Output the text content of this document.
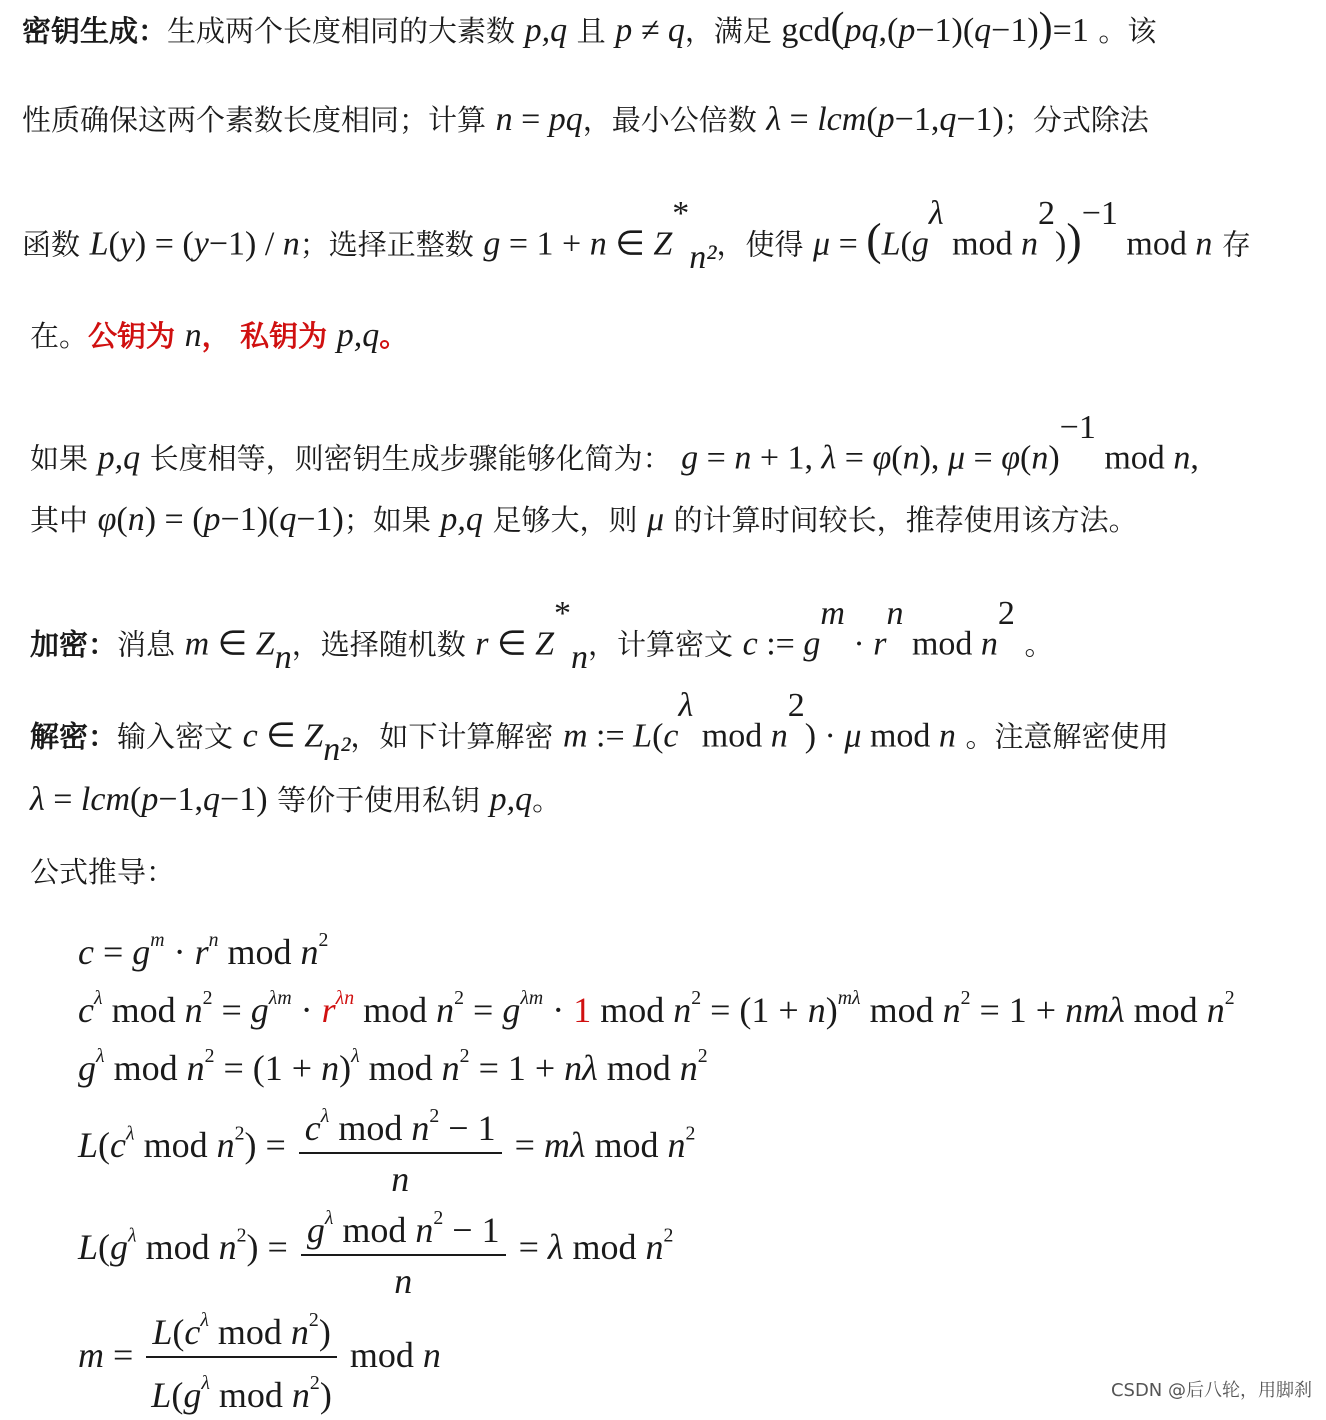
密钥生成：生成两个长度相同的大素数 p,q 且 p ≠ q，满足 gcd(pq,(p−1)(q−1))=1 。该
性质确保这两个素数长度相同；计算 n = pq，最小公倍数 λ = lcm(p−1,q−1)；分式除法
函数 L(y) = (y−1) / n；选择正整数 g = 1 + n ∈ $Z^*_{n^2}$，使得 $\mu = (L(g^\lambda$ mod $n^2))^{-1}$ mod n 存
在。公钥为 n， 私钥为 p,q。
如果 p,q 长度相等，则密钥生成步骤能够化简为： g = n + 1, λ = φ(n), $\mu = \varphi(n)^{-1}$ mod n,
其中 φ(n) = (p−1)(q−1)；如果 p,q 足够大，则 μ 的计算时间较长，推荐使用该方法。
加密：消息 m ∈ $Z_n$，选择随机数 r ∈ $Z^*_n$，计算密文 c := $g^m \cdot r^n$ mod $n^2$ 。
解密：输入密文 c ∈ $Z_{n^2}$，如下计算解密 m := $L(c^\lambda$ mod $n^2) \cdot \mu$ mod n 。注意解密使用
λ = lcm(p−1,q−1) 等价于使用私钥 p,q。
公式推导：
$c = g^m \cdot r^n$ mod $n^2$
$c^\lambda$ mod $n^2 = g^{\lambda m} \cdot r^{\lambda n}$ mod $n^2 = g^{\lambda m} \cdot 1$ mod $n^2 = (1 + n)^{m\lambda}$ mod $n^2 = 1 + nm\lambda$ mod $n^2$
$g^\lambda$ mod $n^2 = (1 + n)^\lambda$ mod $n^2 = 1 + n\lambda$ mod $n^2$
$L(c^\lambda$ mod $n^2) = \frac{c^\lambda mod n^2 - 1}{n} = m\lambda$ mod $n^2$
$L(g^\lambda$ mod $n^2) = \frac{g^\lambda mod n^2 - 1}{n} = \lambda$ mod $n^2$
$m = \frac{L(c^\lambda mod n^2)}{L(g^\lambda mod n^2)}$ mod n
CSDN @后八轮，用脚刹
